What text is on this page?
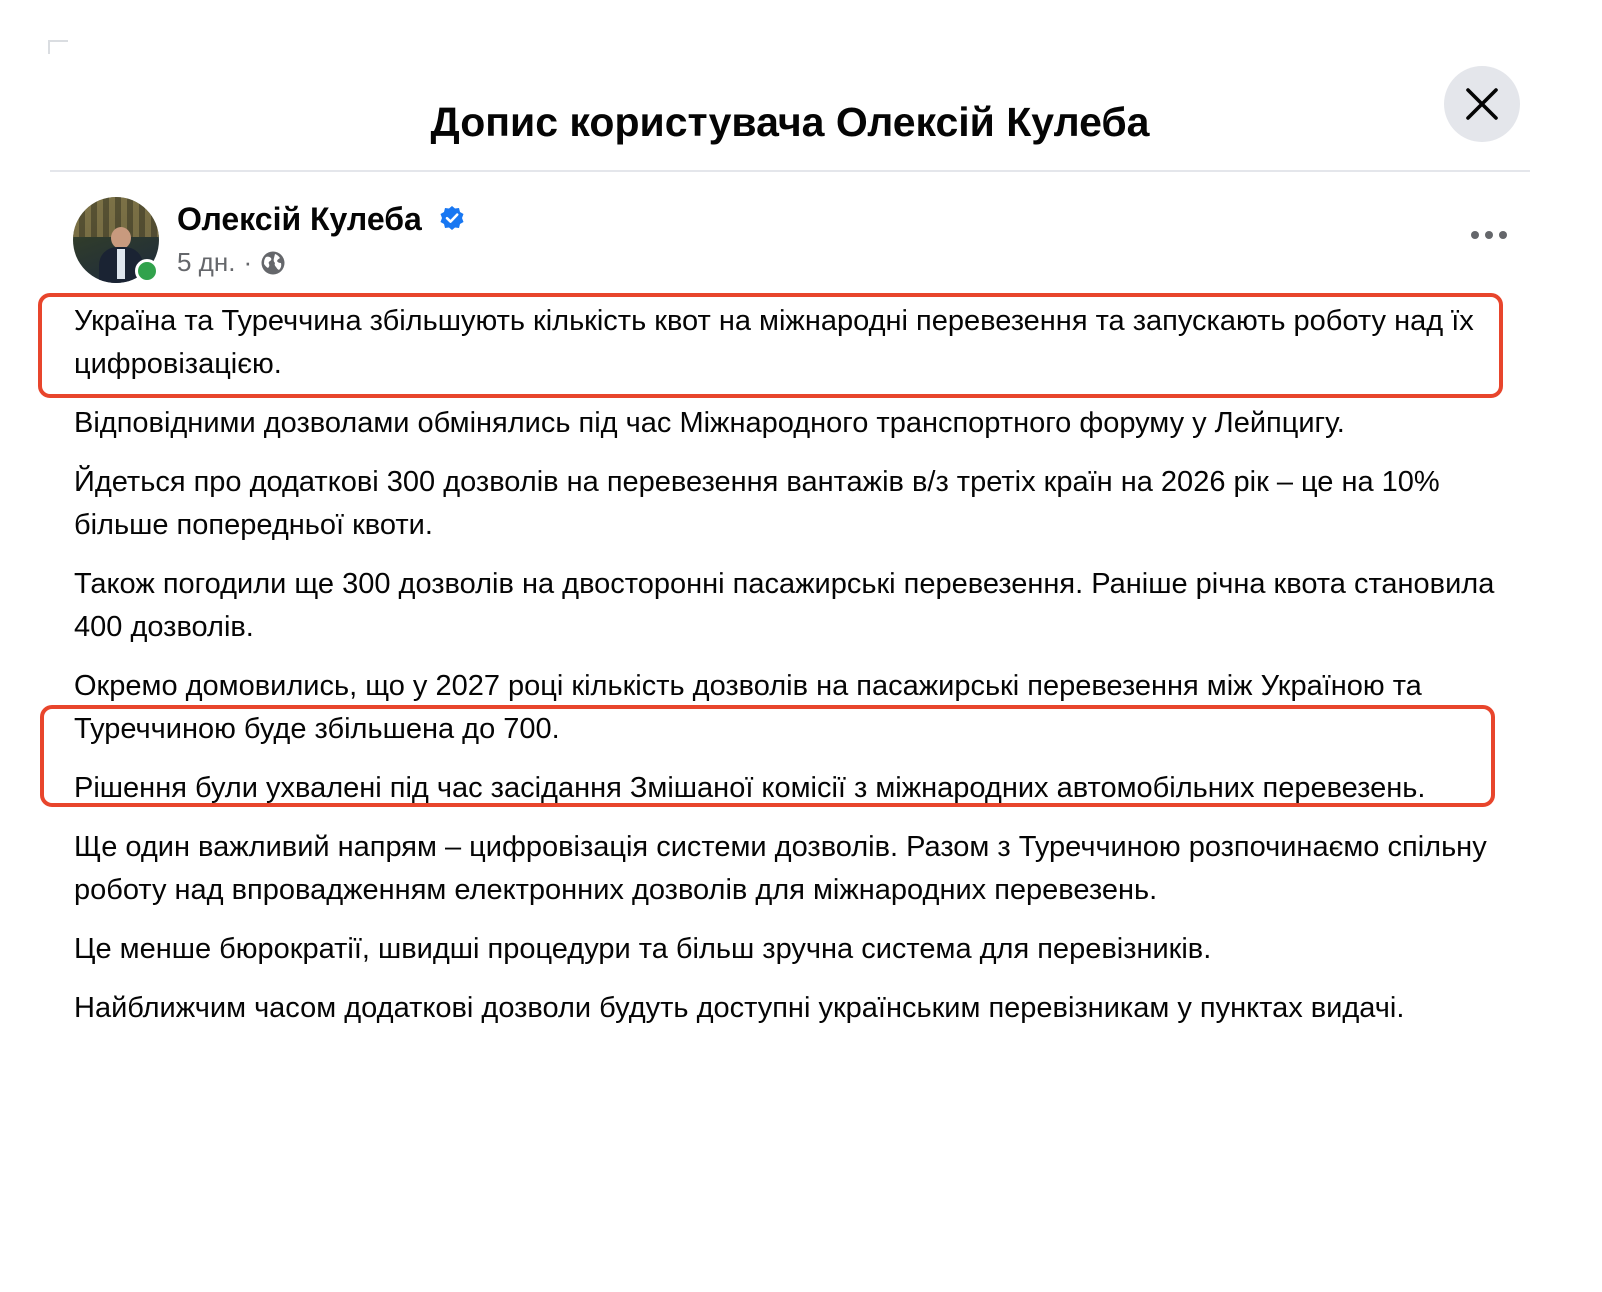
Допис користувача Олексій Кулеба
Олексій Кулеба
5 дн. ·

Україна та Туреччина збільшують кількість квот на міжнародні перевезення та запускають роботу над їх цифровізацією.

Відповідними дозволами обмінялись під час Міжнародного транспортного форуму у Лейпцигу.

Йдеться про додаткові 300 дозволів на перевезення вантажів в/з третіх країн на 2026 рік – це на 10% більше попередньої квоти.

Також погодили ще 300 дозволів на двосторонні пасажирські перевезення. Раніше річна квота становила 400 дозволів.

Окремо домовились, що у 2027 році кількість дозволів на пасажирські перевезення між Україною та Туреччиною буде збільшена до 700.

Рішення були ухвалені під час засідання Змішаної комісії з міжнародних автомобільних перевезень.

Ще один важливий напрям – цифровізація системи дозволів. Разом з Туреччиною розпочинаємо спільну роботу над впровадженням електронних дозволів для міжнародних перевезень.

Це менше бюрократії, швидші процедури та більш зручна система для перевізників.

Найближчим часом додаткові дозволи будуть доступні українським перевізникам у пунктах видачі.
